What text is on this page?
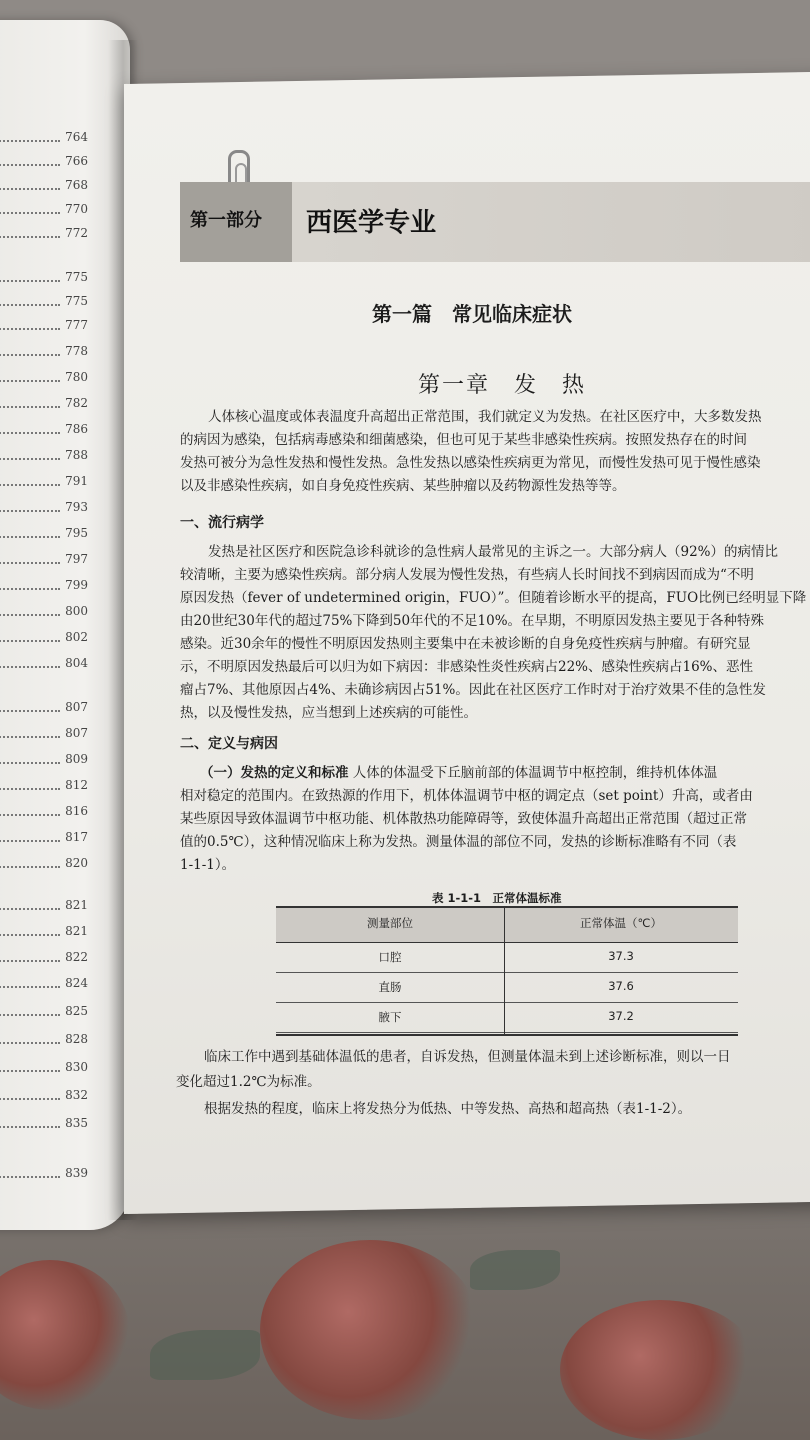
764
766
768
770
772
775
775
777
778
780
782
786
788
791
793
795
797
799
800
802
804
807
807
809
812
816
817
820
821
821
822
824
825
828
830
832
835
839
第一部分 西医学专业
第一篇　常见临床症状
第一章　发　热
人体核心温度或体表温度升高超出正常范围，我们就定义为发热。在社区医疗中，大多数发热
的病因为感染，包括病毒感染和细菌感染，但也可见于某些非感染性疾病。按照发热存在的时间
发热可被分为急性发热和慢性发热。急性发热以感染性疾病更为常见，而慢性发热可见于慢性感染
以及非感染性疾病，如自身免疫性疾病、某些肿瘤以及药物源性发热等等。
一、流行病学
发热是社区医疗和医院急诊科就诊的急性病人最常见的主诉之一。大部分病人（92%）的病情比
较清晰，主要为感染性疾病。部分病人发展为慢性发热，有些病人长时间找不到病因而成为“不明
原因发热（fever of undetermined origin，FUO）”。但随着诊断水平的提高，FUO比例已经明显下降
由20世纪30年代的超过75%下降到50年代的不足10%。在早期，不明原因发热主要见于各种特殊
感染。近30余年的慢性不明原因发热则主要集中在未被诊断的自身免疫性疾病与肿瘤。有研究显
示，不明原因发热最后可以归为如下病因：非感染性炎性疾病占22%、感染性疾病占16%、恶性
瘤占7%、其他原因占4%、未确诊病因占51%。因此在社区医疗工作时对于治疗效果不佳的急性发
热，以及慢性发热，应当想到上述疾病的可能性。
二、定义与病因
（一）发热的定义和标准 人体的体温受下丘脑前部的体温调节中枢控制，维持机体体温
相对稳定的范围内。在致热源的作用下，机体体温调节中枢的调定点（set point）升高，或者由
某些原因导致体温调节中枢功能、机体散热功能障碍等，致使体温升高超出正常范围（超过正常
值的0.5℃），这种情况临床上称为发热。测量体温的部位不同，发热的诊断标准略有不同（表
1-1-1）。
表 1-1-1　正常体温标准
测量部位	正常体温（℃）
口腔	37.3
直肠	37.6
腋下	37.2
临床工作中遇到基础体温低的患者，自诉发热，但测量体温未到上述诊断标准，则以一日
变化超过1.2℃为标准。
根据发热的程度，临床上将发热分为低热、中等发热、高热和超高热（表1-1-2）。
